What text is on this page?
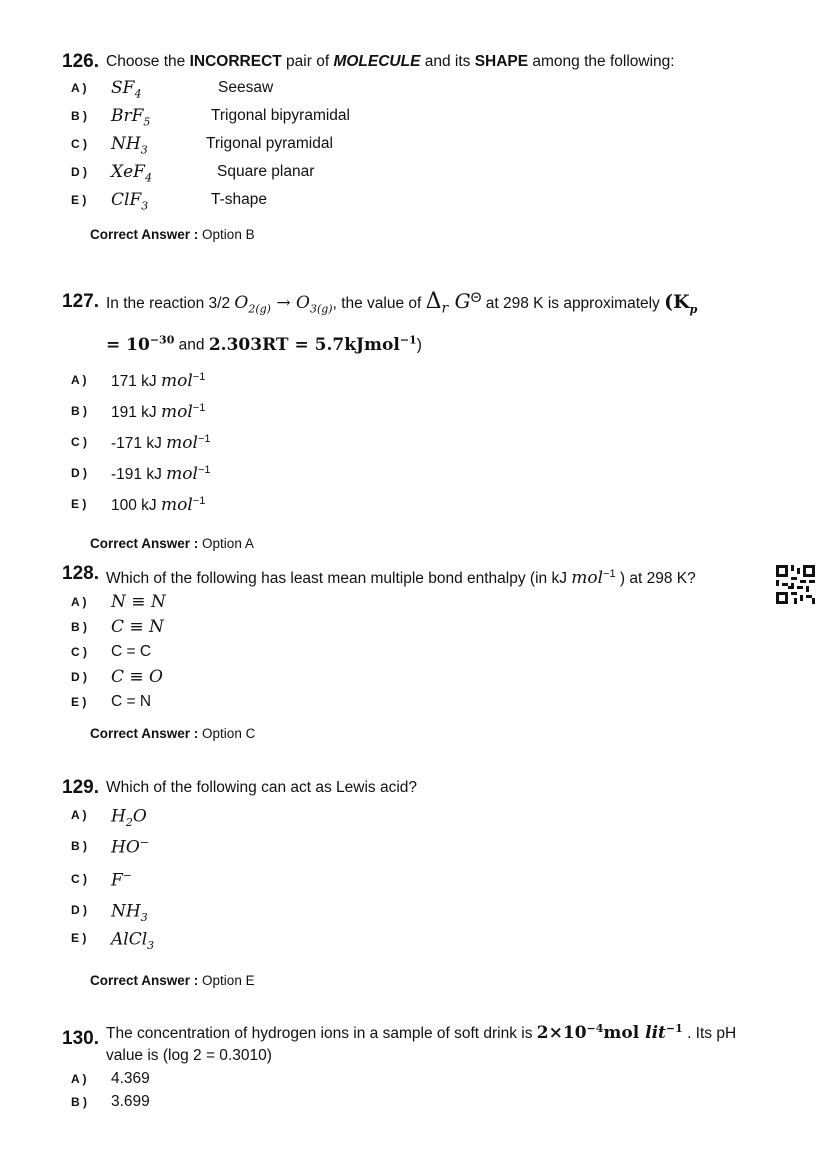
126. Choose the INCORRECT pair of MOLECULE and its SHAPE among the following:
A ) $SF_4$	Seesaw
B ) BrF$_5$	Trigonal bipyramidal
C ) $NH_3$	Trigonal pyramidal
D ) XeF$_4$	Square planar
E ) ClF$_3$	T-shape
Correct Answer : Option B
127. In the reaction 3/2 $O_{2(g)} \to O_{3(g)}$, the value of $\Delta_r$ $G^\Theta$ at 298 K is approximately ($K_p$
= $10^{-30}$ and 2.303RT = 5.7kJmol$^{-1}$)
A ) 171 kJ mol$^{-1}$
B ) 191 kJ mol$^{-1}$
C ) -171 kJ mol$^{-1}$
D ) -191 kJ mol$^{-1}$
E ) 100 kJ mol$^{-1}$
Correct Answer : Option A
128. Which of the following has least mean multiple bond enthalpy (in kJ mol$^{-1}$ ) at 298 K?
A ) N ≡ N
B ) C ≡ N
C ) C = C
D ) C ≡ O
E ) C = N
Correct Answer : Option C
129. Which of the following can act as Lewis acid?
A ) $H_2O$
B ) HO−
C ) F−
D ) $NH_3$
E ) AlCl$_3$
Correct Answer : Option E
130. The concentration of hydrogen ions in a sample of soft drink is $2\times 10^{-4}mol$ lit$^{-1}$ . Its pH value is (log 2 = 0.3010)
A ) 4.369
B ) 3.699
